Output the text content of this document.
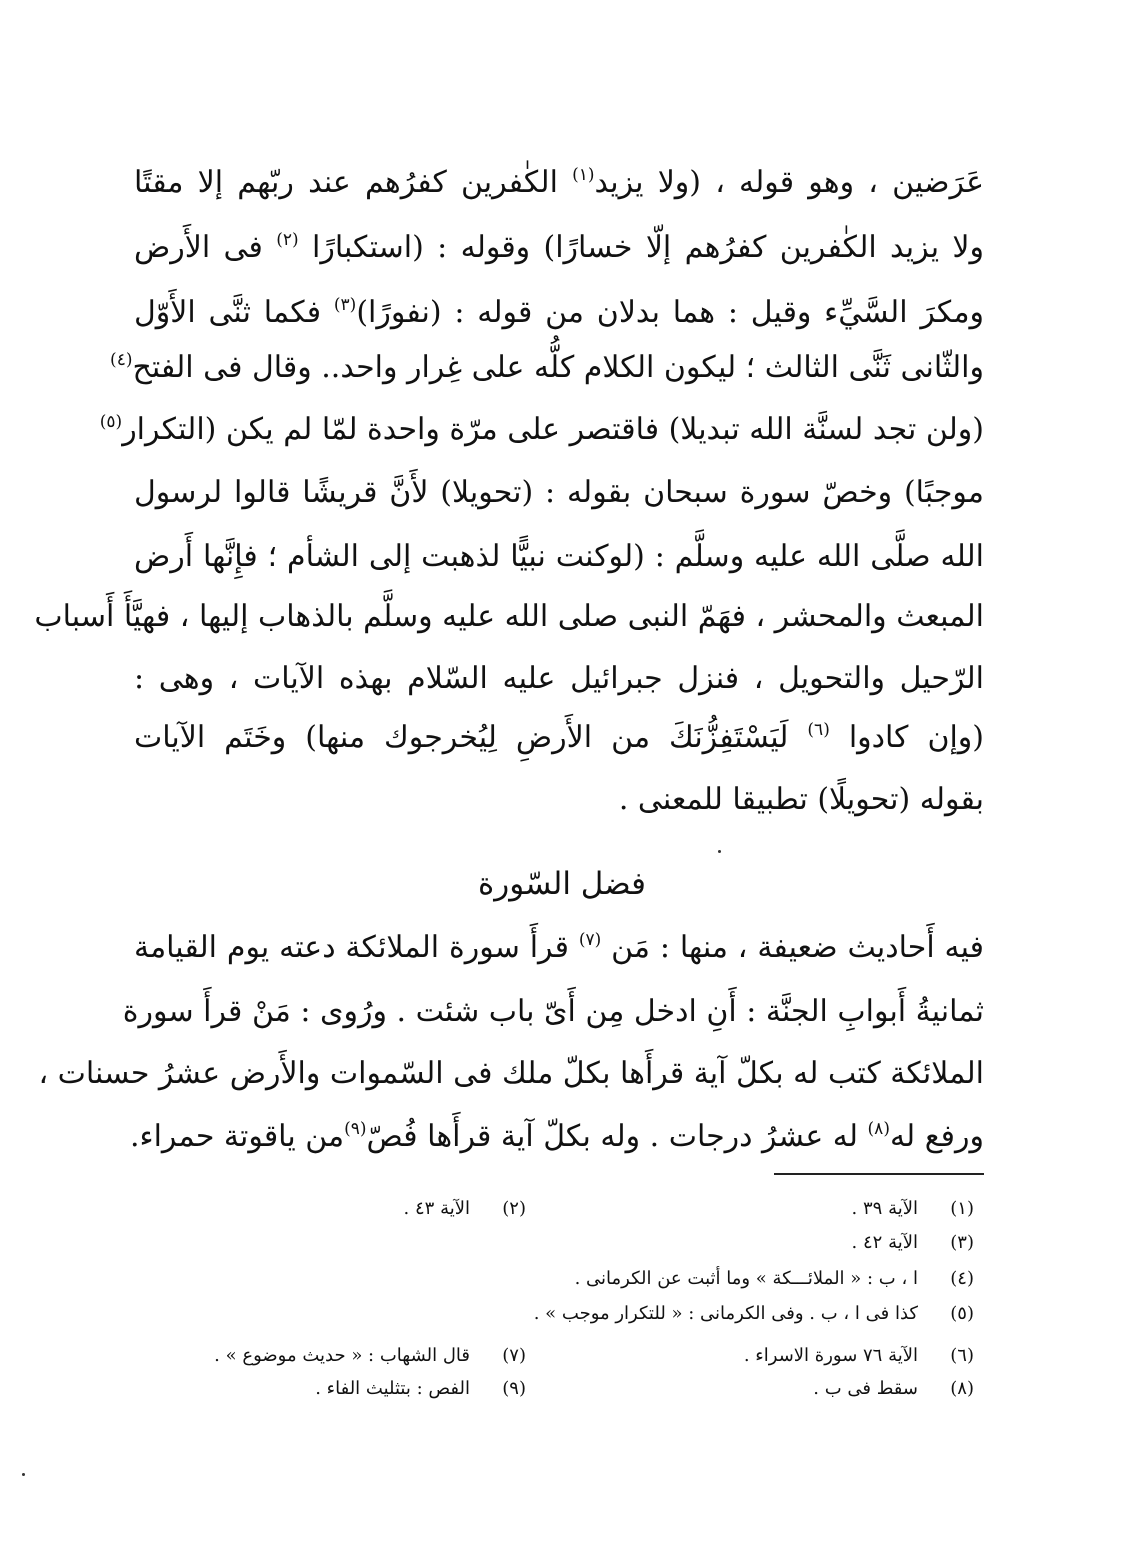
عَرَضين ، وهو قوله ، (ولا يزيد$^{(١)}$ الكٰفرين كفرُهم عند ربّهم إلا مقتًا
ولا يزيد الكٰفرين كفرُهم إلّا خسارًا) وقوله : (استكبارًا $^{(٢)}$ فى الأَرض
ومكرَ السَّيِّء وقيل : هما بدلان من قوله : (نفورًا)$^{(٣)}$ فكما ثنَّى الأَوّل
والثّانى ثَنَّى الثالث ؛ ليكون الكلام كلُّه على غِرار واحد.. وقال فى الفتح$^{(٤)}$
(ولن تجد لسنَّة الله تبديلا) فاقتصر على مرّة واحدة لمّا لم يكن (التكرار$^{(٥)}$
موجبًا) وخصّ سورة سبحان بقوله : (تحويلا) لأَنَّ قريشًا قالوا لرسول
الله صلَّى الله عليه وسلَّم : (لوكنت نبيًّا لذهبت إلى الشأم ؛ فإِنَّها أَرض
المبعث والمحشر ، فهَمّ النبى صلى الله عليه وسلَّم بالذهاب إليها ، فهيَّأَ أَسباب
الرّحيل والتحويل ، فنزل جبرائيل عليه السّلام بهذه الآيات ، وهى :
(وإن كادوا $^{(٦)}$ لَيَسْتَفِزُّنَكَ من الأَرضِ لِيُخرجوك منها) وخَتَم الآيات
بقوله (تحويلًا) تطبيقا للمعنى .
فضل السّورة
فيه أَحاديث ضعيفة ، منها : مَن $^{(٧)}$ قرأَ سورة الملائكة دعته يوم القيامة
ثمانيةُ أَبوابِ الجنَّة : أَنِ ادخل مِن أَىّ باب شئت . ورُوى : مَنْ قرأَ سورة
الملائكة كتب له بكلّ آية قرأَها بكلّ ملك فى السّموات والأَرض عشرُ حسنات ،
ورفع له$^{(٨)}$ له عشرُ درجات . وله بكلّ آية قرأَها فُصّ$^{(٩)}$من ياقوتة حمراء.
(١)الآية ٣٩ .
(٢)الآية ٤٣ .
(٣)الآية ٤٢ .
(٤)ا ، ب : « الملائـــكة » وما أثبت عن الكرمانى .
(٥)كذا فى ا ، ب . وفى الكرمانى : « للتكرار موجب » .
(٦)الآية ٧٦ سورة الاسراء .
(٧)قال الشهاب : « حديث موضوع » .
(٨)سقط فى ب .
(٩)الفص : بتثليث الفاء .
